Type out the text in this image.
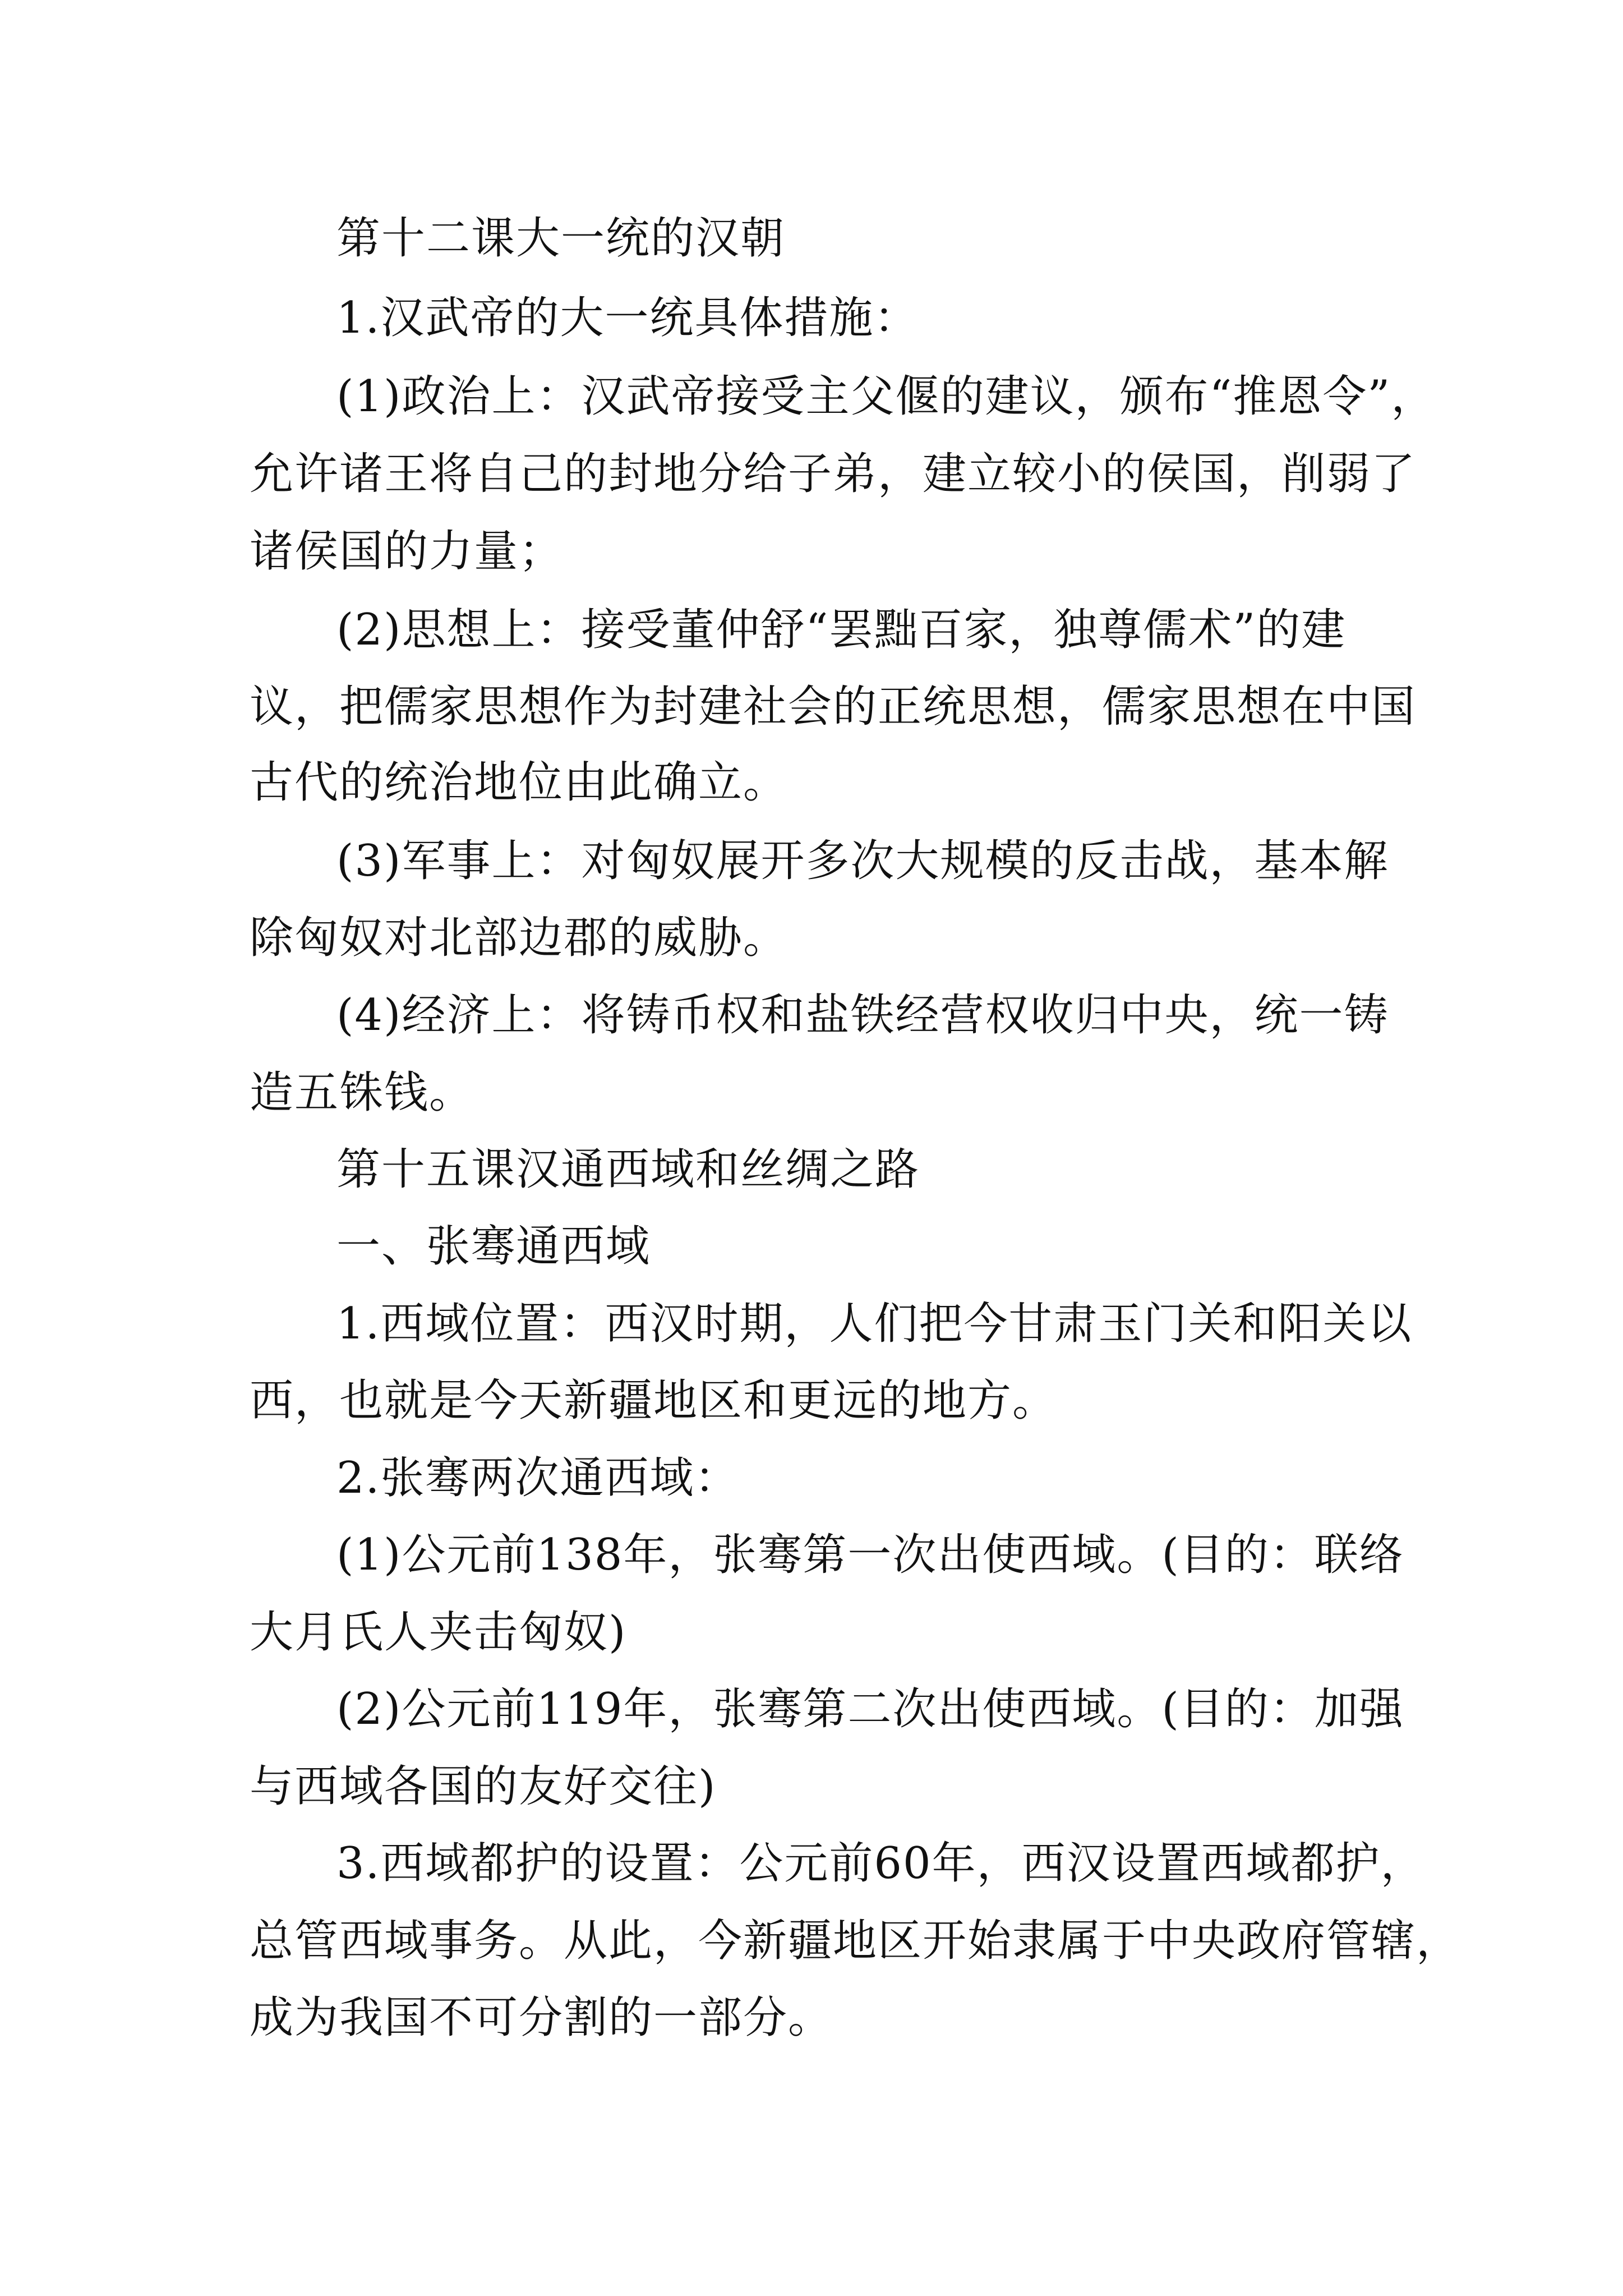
第十二课大一统的汉朝

1.汉武帝的大一统具体措施：

(1)政治上：汉武帝接受主父偃的建议，颁布“推恩令”，

允许诸王将自己的封地分给子弟，建立较小的侯国，削弱了

诸侯国的力量；

(2)思想上：接受董仲舒“罢黜百家，独尊儒术”的建

议，把儒家思想作为封建社会的正统思想，儒家思想在中国

古代的统治地位由此确立。

(3)军事上：对匈奴展开多次大规模的反击战，基本解

除匈奴对北部边郡的威胁。

(4)经济上：将铸币权和盐铁经营权收归中央，统一铸

造五铢钱。

第十五课汉通西域和丝绸之路

一、张骞通西域

1.西域位置：西汉时期，人们把今甘肃玉门关和阳关以

西，也就是今天新疆地区和更远的地方。

2.张骞两次通西域：

(1)公元前138年，张骞第一次出使西域。(目的：联络

大月氏人夹击匈奴)

(2)公元前119年，张骞第二次出使西域。(目的：加强

与西域各国的友好交往)

3.西域都护的设置：公元前60年，西汉设置西域都护，

总管西域事务。从此，今新疆地区开始隶属于中央政府管辖，

成为我国不可分割的一部分。
